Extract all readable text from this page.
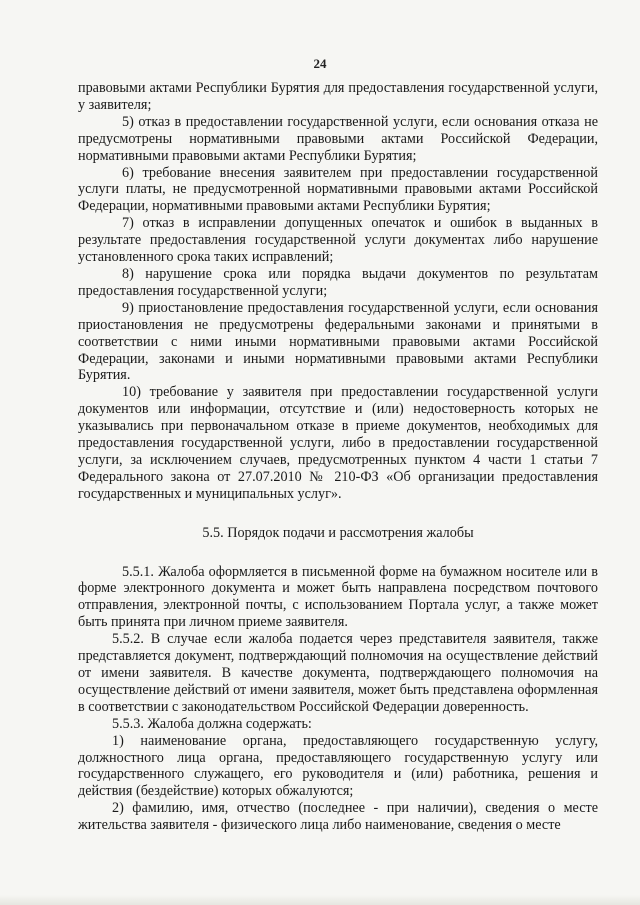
24

правовыми актами Республики Бурятия для предоставления государственной услуги, у заявителя;

5) отказ в предоставлении государственной услуги, если основания отказа не предусмотрены нормативными правовыми актами Российской Федерации, нормативными правовыми актами Республики Бурятия;

6) требование внесения заявителем при предоставлении государственной услуги платы, не предусмотренной нормативными правовыми актами Российской Федерации, нормативными правовыми актами Республики Бурятия;

7) отказ в исправлении допущенных опечаток и ошибок в выданных в результате предоставления государственной услуги документах либо нарушение установленного срока таких исправлений;

8) нарушение срока или порядка выдачи документов по результатам предоставления государственной услуги;

9) приостановление предоставления государственной услуги, если основания приостановления не предусмотрены федеральными законами и принятыми в соответствии с ними иными нормативными правовыми актами Российской Федерации, законами и иными нормативными правовыми актами Республики Бурятия.

10) требование у заявителя при предоставлении государственной услуги документов или информации, отсутствие и (или) недостоверность которых не указывались при первоначальном отказе в приеме документов, необходимых для предоставления государственной услуги, либо в предоставлении государственной услуги, за исключением случаев, предусмотренных пунктом 4 части 1 статьи 7 Федерального закона от 27.07.2010 № 210-ФЗ «Об организации предоставления государственных и муниципальных услуг».

5.5. Порядок подачи и рассмотрения жалобы

5.5.1. Жалоба оформляется в письменной форме на бумажном носителе или в форме электронного документа и может быть направлена посредством почтового отправления, электронной почты, с использованием Портала услуг, а также может быть принята при личном приеме заявителя.

5.5.2. В случае если жалоба подается через представителя заявителя, также представляется документ, подтверждающий полномочия на осуществление действий от имени заявителя. В качестве документа, подтверждающего полномочия на осуществление действий от имени заявителя, может быть представлена оформленная в соответствии с законодательством Российской Федерации доверенность.

5.5.3. Жалоба должна содержать:

1) наименование органа, предоставляющего государственную услугу, должностного лица органа, предоставляющего государственную услугу или государственного служащего, его руководителя и (или) работника, решения и действия (бездействие) которых обжалуются;

2) фамилию, имя, отчество (последнее - при наличии), сведения о месте жительства заявителя - физического лица либо наименование, сведения о месте
